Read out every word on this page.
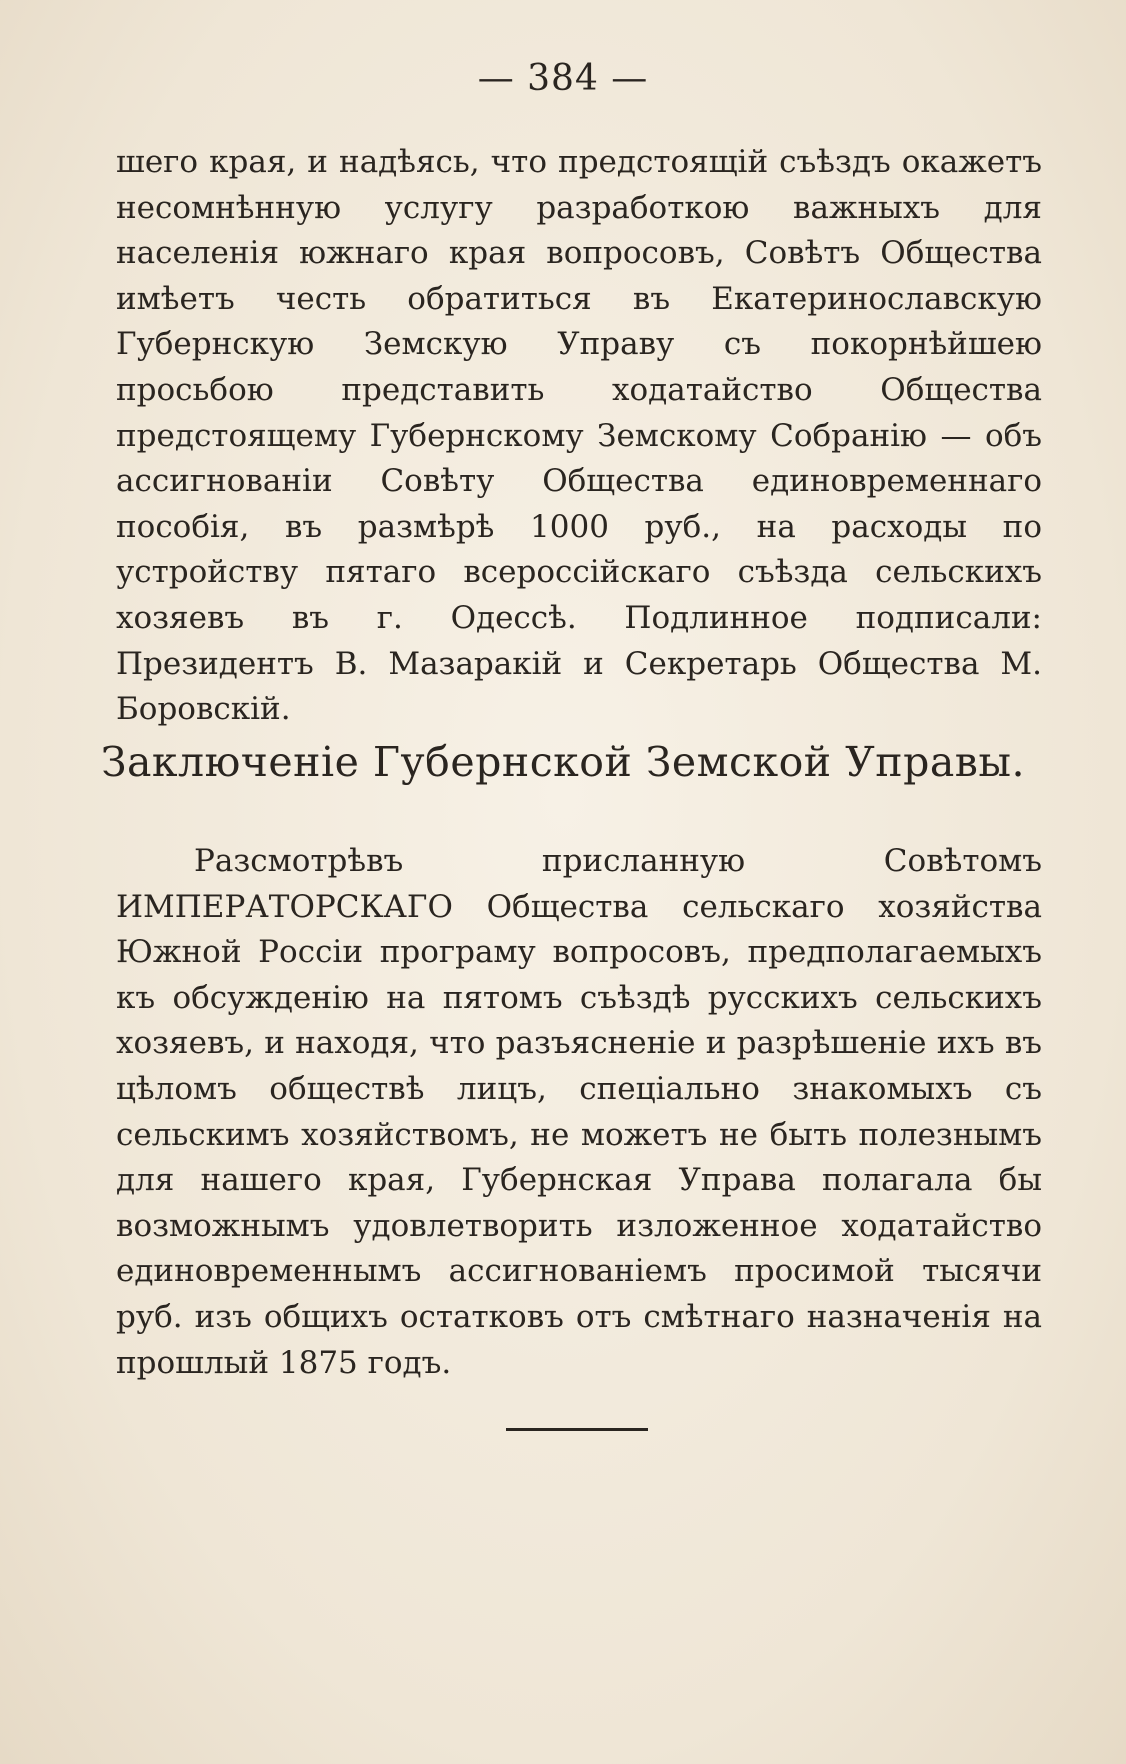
— 384 —

шего края, и надѣясь, что предстоящій съѣздъ окажетъ несомнѣнную услугу разработкою важныхъ для населенія южнаго края вопросовъ, Совѣтъ Общества имѣетъ честь обратиться въ Екатеринославскую Губернскую Земскую Управу съ покорнѣйшею просьбою представить ходатайство Общества предстоящему Губернскому Земскому Собранію — объ ассигнованіи Совѣту Общества единовременнаго пособія, въ размѣрѣ 1000 руб., на расходы по устройству пятаго всероссійскаго съѣзда сельскихъ хозяевъ въ г. Одессѣ. Подлинное подписали: Президентъ В. Мазаракій и Секретарь Общества М. Боровскій.

Заключеніе Губернской Земской Управы.

Разсмотрѣвъ присланную Совѣтомъ ИМПЕРАТОРСКАГО Общества сельскаго хозяйства Южной Россіи програму вопросовъ, предполагаемыхъ къ обсужденію на пятомъ съѣздѣ русскихъ сельскихъ хозяевъ, и находя, что разъясненіе и разрѣшеніе ихъ въ цѣломъ обществѣ лицъ, спеціально знакомыхъ съ сельскимъ хозяйствомъ, не можетъ не быть полезнымъ для нашего края, Губернская Управа полагала бы возможнымъ удовлетворить изложенное ходатайство единовременнымъ ассигнованіемъ просимой тысячи руб. изъ общихъ остатковъ отъ смѣтнаго назначенія на прошлый 1875 годъ.
